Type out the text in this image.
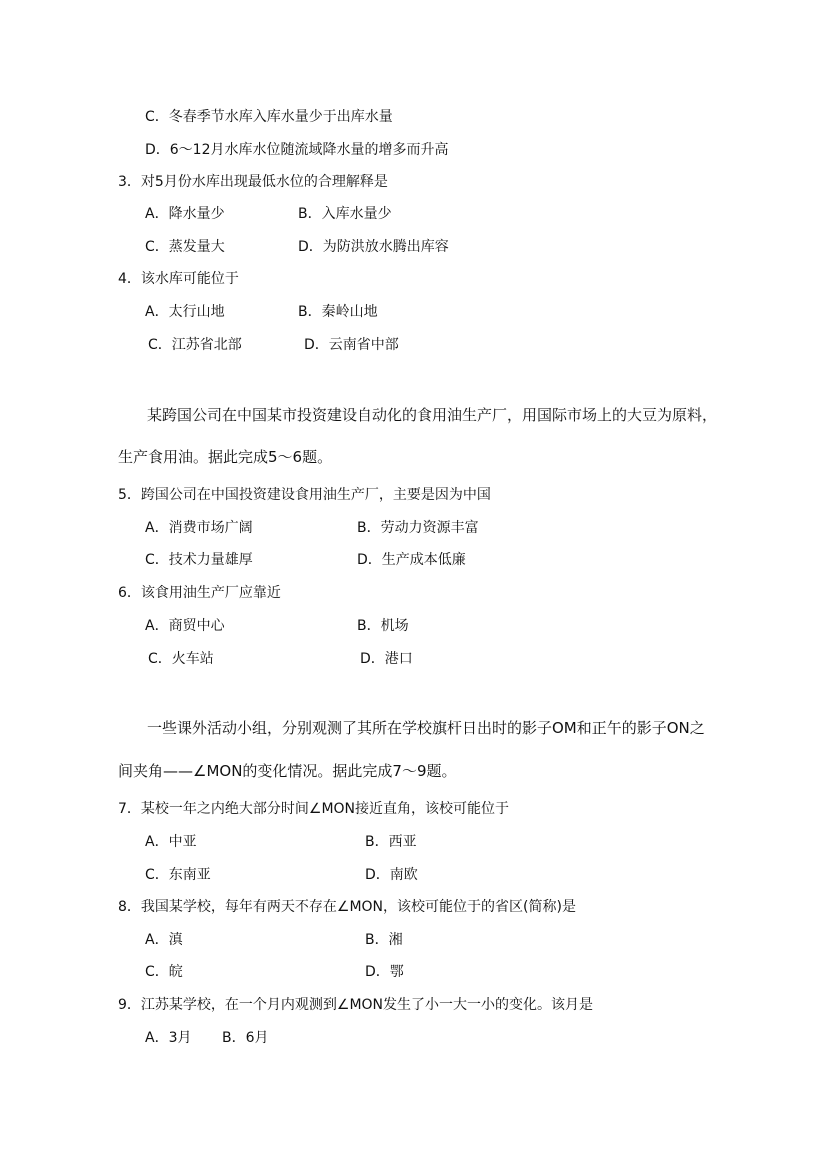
C．冬春季节水库入库水量少于出库水量
D．6～12月水库水位随流域降水量的增多而升高
3．对5月份水库出现最低水位的合理解释是
A．降水量少	B．入库水量少
C．蒸发量大	D．为防洪放水腾出库容
4．该水库可能位于
A．太行山地	B．秦岭山地
C．江苏省北部	D．云南省中部
某跨国公司在中国某市投资建设自动化的食用油生产厂，用国际市场上的大豆为原料，
生产食用油。据此完成5～6题。
5．跨国公司在中国投资建设食用油生产厂，主要是因为中国
A．消费市场广阔	B．劳动力资源丰富
C．技术力量雄厚	D．生产成本低廉
6．该食用油生产厂应靠近
A．商贸中心	B．机场
C．火车站	D．港口
一些课外活动小组，分别观测了其所在学校旗杆日出时的影子OM和正午的影子ON之
间夹角——∠MON的变化情况。据此完成7～9题。
7．某校一年之内绝大部分时间∠MON接近直角，该校可能位于
A．中亚	B．西亚
C．东南亚	D．南欧
8．我国某学校，每年有两天不存在∠MON，该校可能位于的省区(简称)是
A．滇	B．湘
C．皖	D．鄂
9．江苏某学校，在一个月内观测到∠MON发生了小一大一小的变化。该月是
A．3月 B．6月
